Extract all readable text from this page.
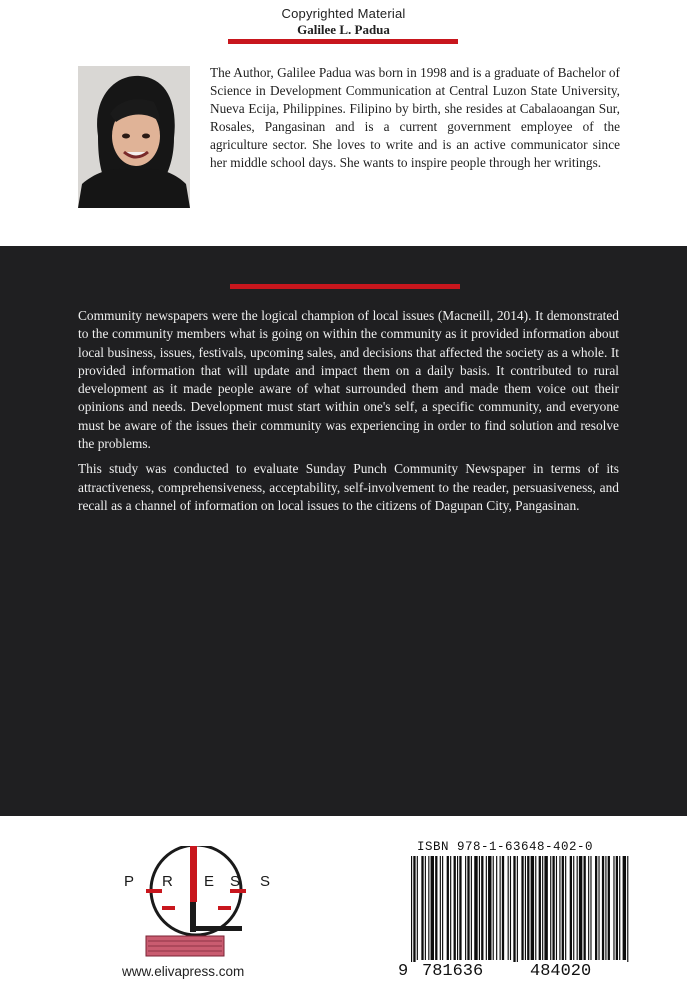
Copyrighted Material
Galilee L. Padua
The Author, Galilee Padua was born in 1998 and is a graduate of Bachelor of Science in Development Communication at Central Luzon State University, Nueva Ecija, Philippines. Filipino by birth, she resides at Cabalaoangan Sur, Rosales, Pangasinan and is a current government employee of the agriculture sector. She loves to write and is an active communicator since her middle school days. She wants to inspire people through her writings.

Community newspapers were the logical champion of local issues (Macneill, 2014). It demonstrated to the community members what is going on within the community as it provided information about local business, issues, festivals, upcoming sales, and decisions that affected the society as a whole. It provided information that will update and impact them on a daily basis. It contributed to rural development as it made people aware of what surrounded them and made them voice out their opinions and needs. Development must start within one's self, a specific community, and everyone must be aware of the issues their community was experiencing in order to find solution and resolve the problems.

This study was conducted to evaluate Sunday Punch Community Newspaper in terms of its attractiveness, comprehensiveness, acceptability, self-involvement to the reader, persuasiveness, and recall as a channel of information on local issues to the citizens of Dagupan City, Pangasinan.

P R E S S
www.elivapress.com
ISBN 978-1-63648-402-0
9 781636	484020
